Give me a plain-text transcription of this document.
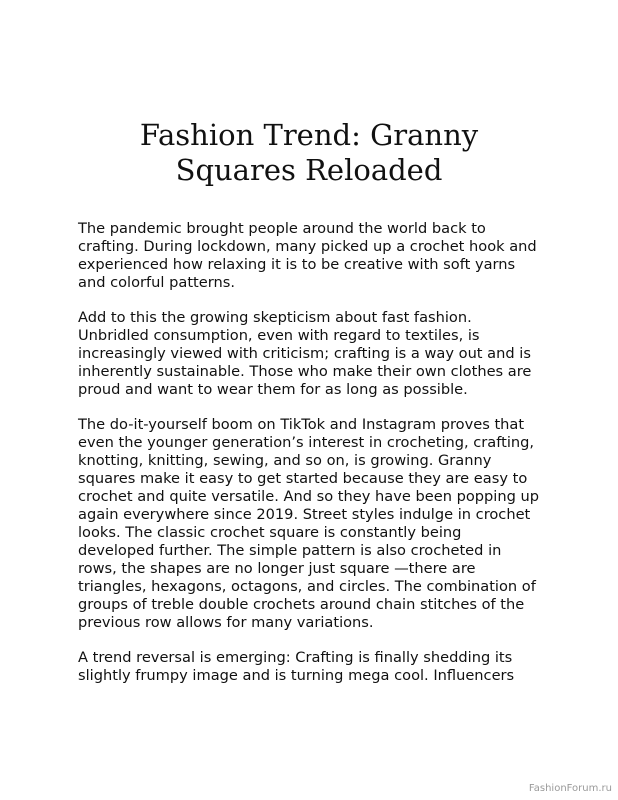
Fashion Trend: Granny
Squares Reloaded

The pandemic brought people around the world back to crafting. During lockdown, many picked up a crochet hook and experienced how relaxing it is to be creative with soft yarns and colorful patterns.

Add to this the growing skepticism about fast fashion. Unbridled consumption, even with regard to textiles, is increasingly viewed with criticism; crafting is a way out and is inherently sustainable. Those who make their own clothes are proud and want to wear them for as long as possible.

The do-it-yourself boom on TikTok and Instagram proves that even the younger generation’s interest in crocheting, crafting, knotting, knitting, sewing, and so on, is growing. Granny squares make it easy to get started because they are easy to crochet and quite versatile. And so they have been popping up again everywhere since 2019. Street styles indulge in crochet looks. The classic crochet square is constantly being developed further. The simple pattern is also crocheted in rows, the shapes are no longer just square —there are triangles, hexagons, octagons, and circles. The combination of groups of treble double crochets around chain stitches of the previous row allows for many variations.

A trend reversal is emerging: Crafting is finally shedding its slightly frumpy image and is turning mega cool. Influencers

FashionForum.ru
